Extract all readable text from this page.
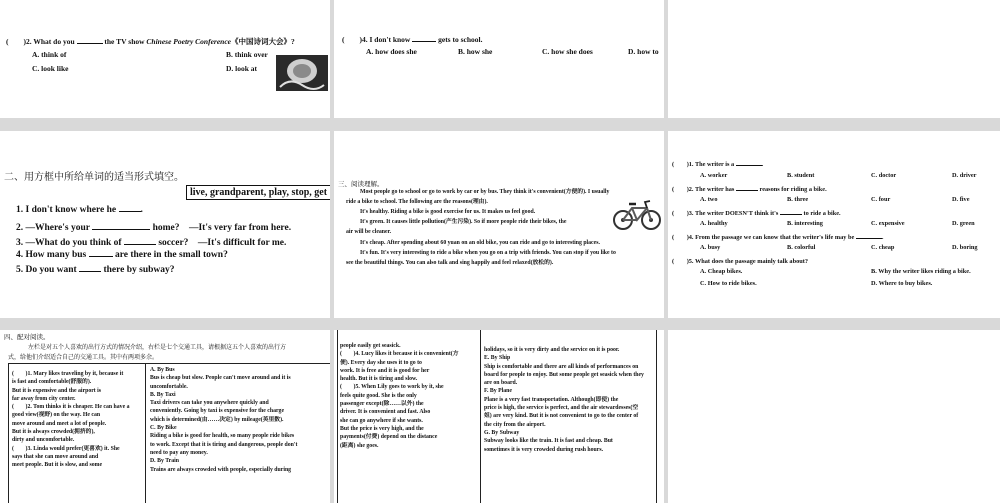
(　　)2. What do you	the TV show Chinese Poetry Conference《中国诗词大会》?
A. think of	B. think over
C. look like	D. look at
(　　)4. I don't know	gets to school.
A. how does she	B. how she	C. how she does	D. how to
二、用方框中所给单词的适当形式填空。
live, grandparent, play, stop, get
1. I don't know where he	.
2. —Where's your	home?　—It's very far from here.
3. —What do you think of	soccer?　—It's difficult for me.
4. How many bus	are there in the small town?
5. Do you want	there by subway?
三、阅读理解。
Most people go to school or go to work by car or by bus. They think it's convenient(方便的). I usually
ride a bike to school. The following are the reasons(理由).
It's healthy. Riding a bike is good exercise for us. It makes us feel good.
It's green. It causes little pollution(产生污染). So if more people ride their bikes, the
air will be cleaner.
It's cheap. After spending about 60 yuan on an old bike, you can ride and go to interesting places.
It's fun. It's very interesting to ride a bike when you go on a trip with friends. You can stop if you like to
see the beautiful things. You can also talk and sing happily and feel relaxed(放松的).
(　　)1. The writer is a	.
A. worker	B. student	C. doctor	D. driver
(　　)2. The writer has	reasons for riding a bike.
A. two	B. three	C. four	D. five
(　　)3. The writer DOESN'T think it's	to ride a bike.
A. healthy	B. interesting	C. expensive	D. green
(　　)4. From the passage we can know that the writer's life may be	.
A. busy	B. colorful	C. cheap	D. boring
(　　)5. What does the passage mainly talk about?
A. Cheap bikes.	B. Why the writer likes riding a bike.
C. How to ride bikes.	D. Where to buy bikes.
四、配对阅读。
左栏是对五个人喜欢的出行方式的情况介绍，右栏是七个交通工具，请根据这五个人喜欢的出行方
式，给他们介绍适合自己的交通工具。其中有两项多余。
(　　)1. Mary likes traveling by it, because it
is fast and comfortable(舒服的).
But it is expensive and the airport is
far away from city center.
(　　)2. Tom thinks it is cheaper. He can have a
good view(视野) on the way. He can
move around and meet a lot of people.
But it is always crowded(拥挤的),
dirty and uncomfortable.
(　　)3. Linda would prefer(更喜欢) it. She
says that she can move around and
meet people. But it is slow, and some
A. By Bus
Bus is cheap but slow. People can't move around and it is
uncomfortable.
B. By Taxi
Taxi drivers can take you anywhere quickly and
conveniently. Going by taxi is expensive for the charge
which is determined(由……决定) by mileage(英里数).
C. By Bike
Riding a bike is good for health, so many people ride bikes
to work. Except that it is tiring and dangerous, people don't
need to pay any money.
D. By Train
Trains are always crowded with people, especially during
people easily get seasick.
(　　)4. Lucy likes it because it is convenient(方
便). Every day she uses it to go to
work. It is free and it is good for her
health. But it is tiring and slow.
(　　)5. When Lily goes to work by it, she
feels quite good. She is the only
passenger except(除……以外) the
driver. It is convenient and fast. Also
she can go anywhere if she wants.
But the price is very high, and the
payments(付费) depend on the distance
(距离) she goes.
holidays, so it is very dirty and the service on it is poor.
E. By Ship
Ship is comfortable and there are all kinds of performances on
board for people to enjoy. But some people get seasick when they
are on board.
F. By Plane
Plane is a very fast transportation. Although(即使) the
price is high, the service is perfect, and the air stewardesses(空
姐) are very kind. But it is not convenient to go to the center of
the city from the airport.
G. By Subway
Subway looks like the train. It is fast and cheap. But
sometimes it is very crowded during rush hours.
